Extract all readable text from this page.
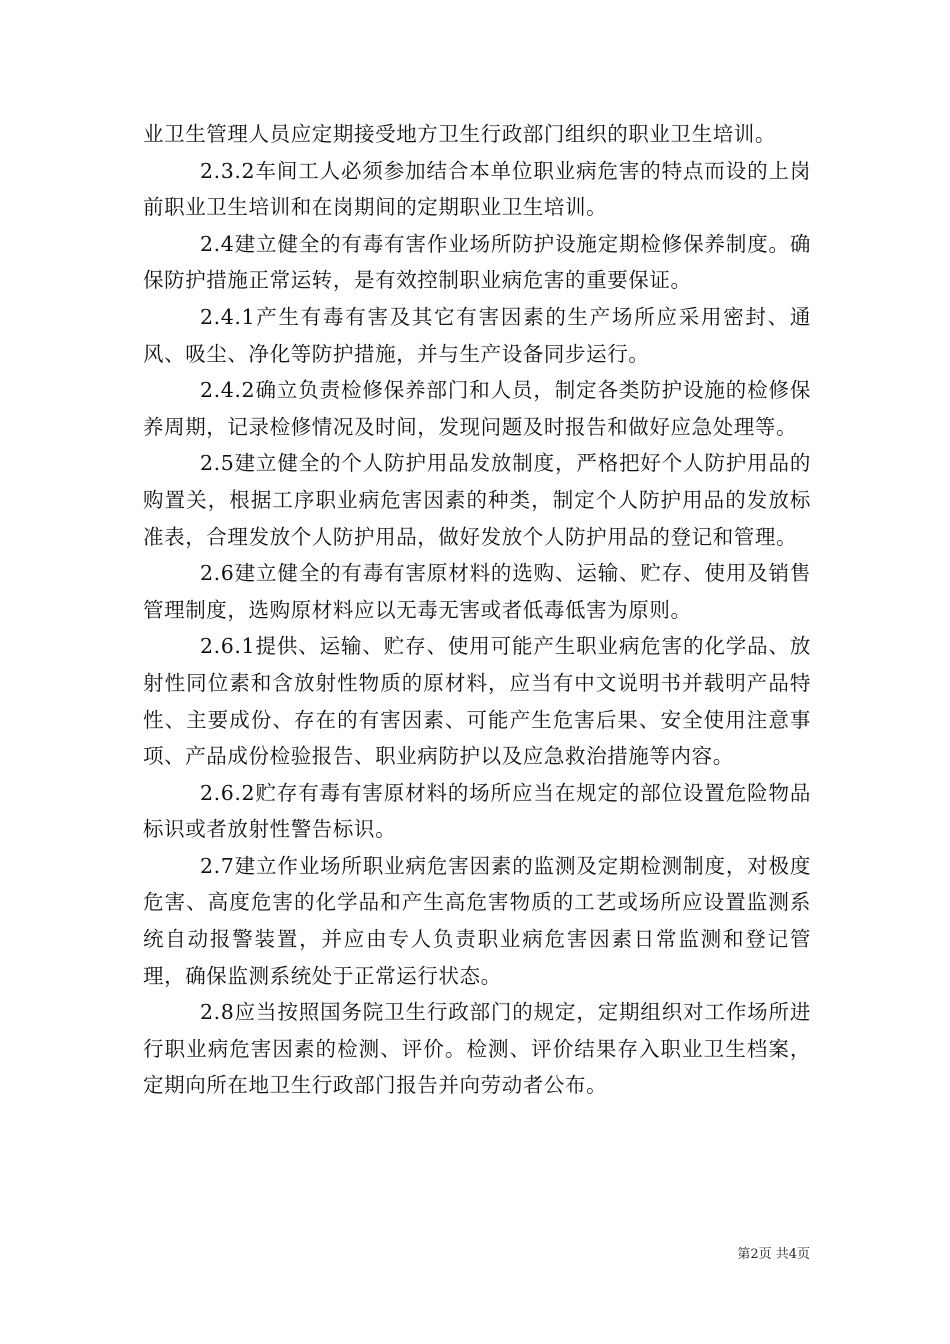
业卫生管理人员应定期接受地方卫生行政部门组织的职业卫生培训。

2.3.2车间工人必须参加结合本单位职业病危害的特点而设的上岗前职业卫生培训和在岗期间的定期职业卫生培训。

2.4建立健全的有毒有害作业场所防护设施定期检修保养制度。确保防护措施正常运转，是有效控制职业病危害的重要保证。

2.4.1产生有毒有害及其它有害因素的生产场所应采用密封、通风、吸尘、净化等防护措施，并与生产设备同步运行。

2.4.2确立负责检修保养部门和人员，制定各类防护设施的检修保养周期，记录检修情况及时间，发现问题及时报告和做好应急处理等。

2.5建立健全的个人防护用品发放制度，严格把好个人防护用品的购置关，根据工序职业病危害因素的种类，制定个人防护用品的发放标准表，合理发放个人防护用品，做好发放个人防护用品的登记和管理。

2.6建立健全的有毒有害原材料的选购、运输、贮存、使用及销售管理制度，选购原材料应以无毒无害或者低毒低害为原则。

2.6.1提供、运输、贮存、使用可能产生职业病危害的化学品、放射性同位素和含放射性物质的原材料，应当有中文说明书并载明产品特性、主要成份、存在的有害因素、可能产生危害后果、安全使用注意事项、产品成份检验报告、职业病防护以及应急救治措施等内容。

2.6.2贮存有毒有害原材料的场所应当在规定的部位设置危险物品标识或者放射性警告标识。

2.7建立作业场所职业病危害因素的监测及定期检测制度，对极度危害、高度危害的化学品和产生高危害物质的工艺或场所应设置监测系统自动报警装置，并应由专人负责职业病危害因素日常监测和登记管理，确保监测系统处于正常运行状态。

2.8应当按照国务院卫生行政部门的规定，定期组织对工作场所进行职业病危害因素的检测、评价。检测、评价结果存入职业卫生档案，定期向所在地卫生行政部门报告并向劳动者公布。

第2页 共4页
